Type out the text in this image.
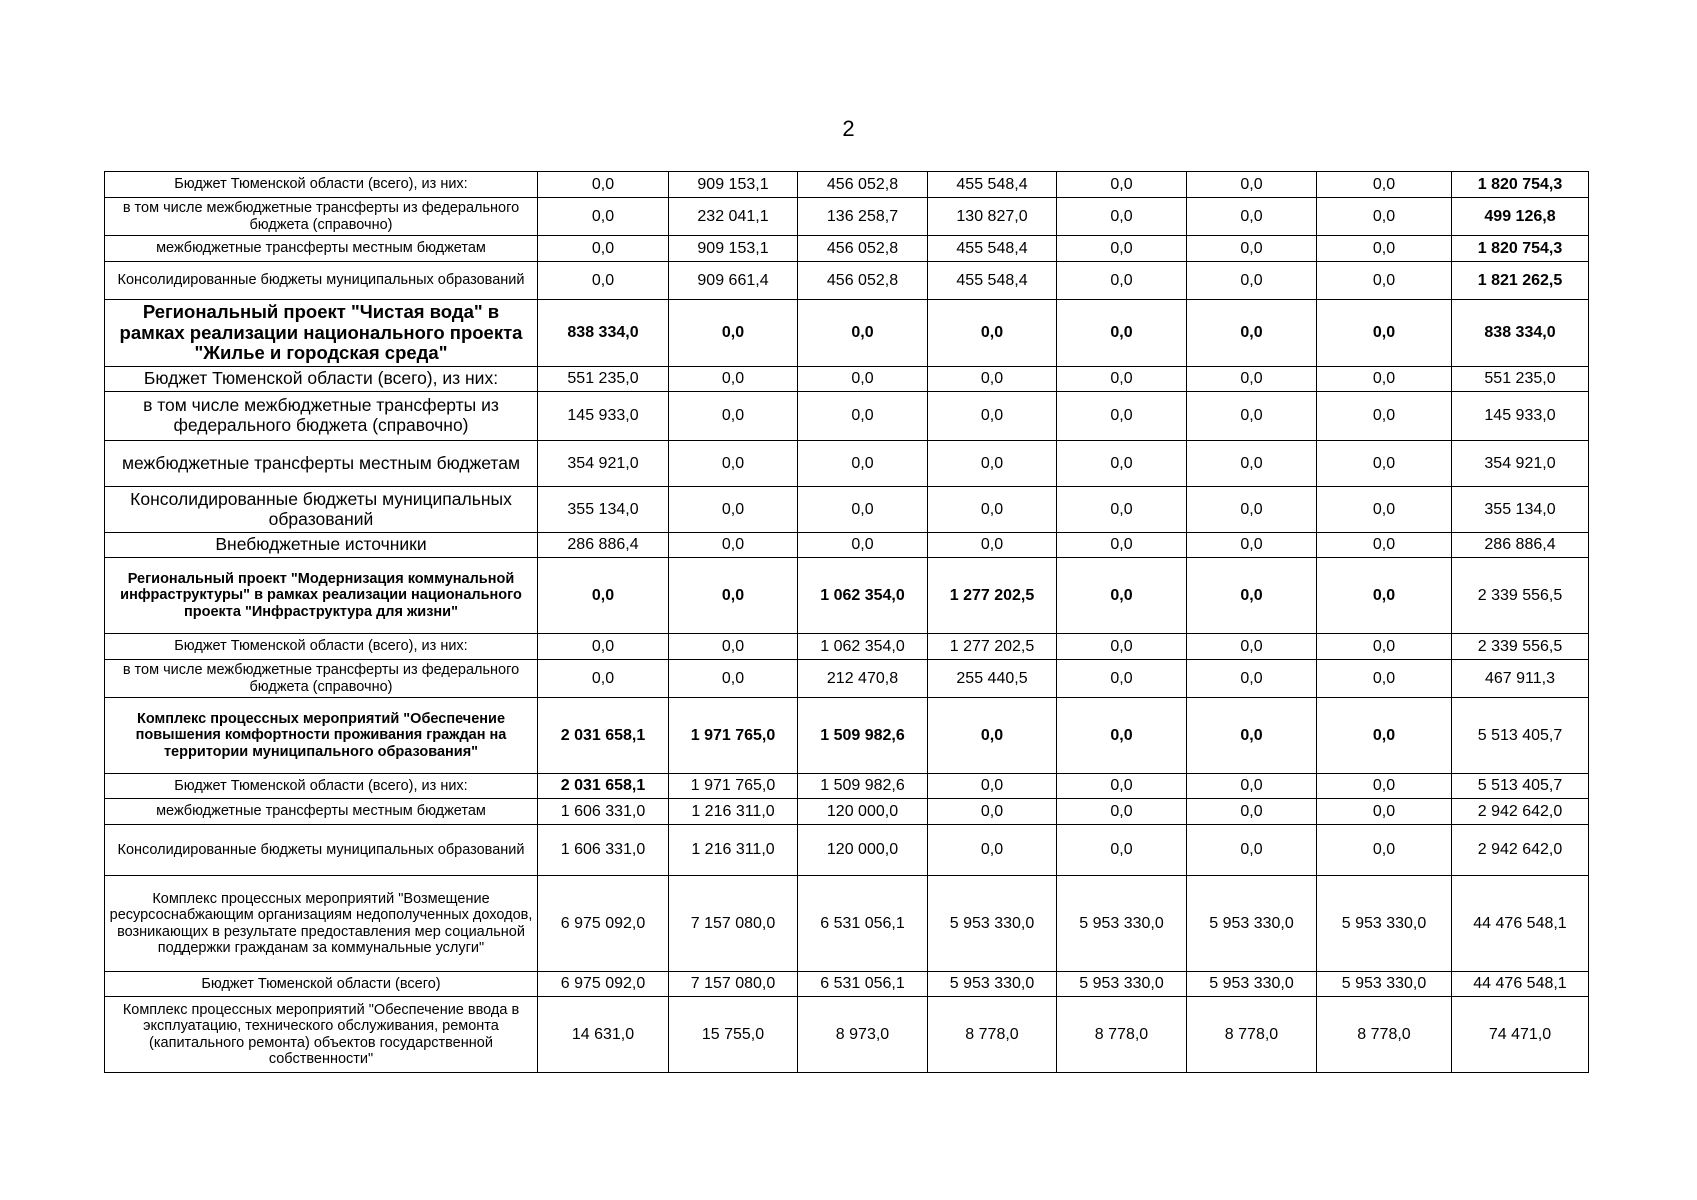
2
Бюджет Тюменской области (всего), из них:	0,0	909 153,1	456 052,8	455 548,4	0,0	0,0	0,0	1 820 754,3
в том числе межбюджетные трансферты из федерального бюджета (справочно)	0,0	232 041,1	136 258,7	130 827,0	0,0	0,0	0,0	499 126,8
межбюджетные трансферты местным бюджетам	0,0	909 153,1	456 052,8	455 548,4	0,0	0,0	0,0	1 820 754,3
Консолидированные бюджеты муниципальных образований	0,0	909 661,4	456 052,8	455 548,4	0,0	0,0	0,0	1 821 262,5
Региональный проект "Чистая вода" в рамках реализации национального проекта "Жилье и городская среда"	838 334,0	0,0	0,0	0,0	0,0	0,0	0,0	838 334,0
Бюджет Тюменской области (всего), из них:	551 235,0	0,0	0,0	0,0	0,0	0,0	0,0	551 235,0
в том числе межбюджетные трансферты из федерального бюджета (справочно)	145 933,0	0,0	0,0	0,0	0,0	0,0	0,0	145 933,0
межбюджетные трансферты местным бюджетам	354 921,0	0,0	0,0	0,0	0,0	0,0	0,0	354 921,0
Консолидированные бюджеты муниципальных образований	355 134,0	0,0	0,0	0,0	0,0	0,0	0,0	355 134,0
Внебюджетные источники	286 886,4	0,0	0,0	0,0	0,0	0,0	0,0	286 886,4
Региональный проект "Модернизация коммунальной инфраструктуры" в рамках реализации национального проекта "Инфраструктура для жизни"	0,0	0,0	1 062 354,0	1 277 202,5	0,0	0,0	0,0	2 339 556,5
Бюджет Тюменской области (всего), из них:	0,0	0,0	1 062 354,0	1 277 202,5	0,0	0,0	0,0	2 339 556,5
в том числе межбюджетные трансферты из федерального бюджета (справочно)	0,0	0,0	212 470,8	255 440,5	0,0	0,0	0,0	467 911,3
Комплекс процессных мероприятий "Обеспечение повышения комфортности проживания граждан на территории муниципального образования"	2 031 658,1	1 971 765,0	1 509 982,6	0,0	0,0	0,0	0,0	5 513 405,7
Бюджет Тюменской области (всего), из них:	2 031 658,1	1 971 765,0	1 509 982,6	0,0	0,0	0,0	0,0	5 513 405,7
межбюджетные трансферты местным бюджетам	1 606 331,0	1 216 311,0	120 000,0	0,0	0,0	0,0	0,0	2 942 642,0
Консолидированные бюджеты муниципальных образований	1 606 331,0	1 216 311,0	120 000,0	0,0	0,0	0,0	0,0	2 942 642,0
Комплекс процессных мероприятий "Возмещение ресурсоснабжающим организациям недополученных доходов, возникающих в результате предоставления мер социальной поддержки гражданам за коммунальные услуги"	6 975 092,0	7 157 080,0	6 531 056,1	5 953 330,0	5 953 330,0	5 953 330,0	5 953 330,0	44 476 548,1
Бюджет Тюменской области (всего)	6 975 092,0	7 157 080,0	6 531 056,1	5 953 330,0	5 953 330,0	5 953 330,0	5 953 330,0	44 476 548,1
Комплекс процессных мероприятий "Обеспечение ввода в эксплуатацию, технического обслуживания, ремонта (капитального ремонта) объектов государственной собственности"	14 631,0	15 755,0	8 973,0	8 778,0	8 778,0	8 778,0	8 778,0	74 471,0
